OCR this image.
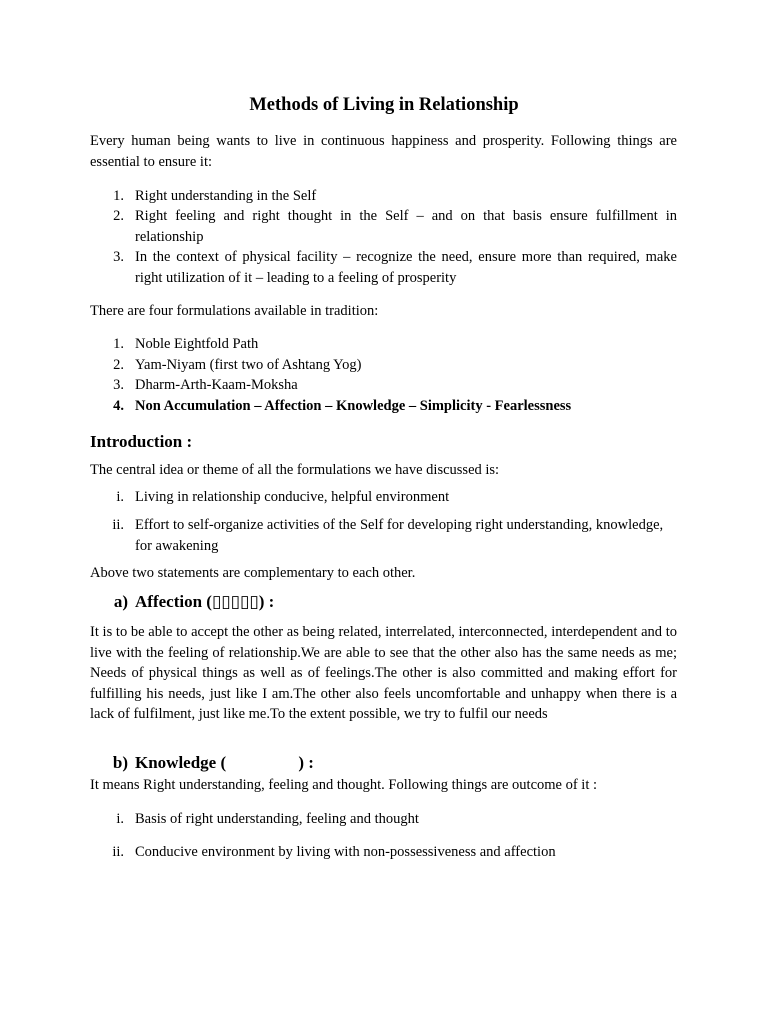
Methods of Living in Relationship

Every human being wants to live in continuous happiness and prosperity. Following things are essential to ensure it:

1. Right understanding in the Self
2. Right feeling and right thought in the Self – and on that basis ensure fulfillment in relationship
3. In the context of physical facility – recognize the need, ensure more than required, make right utilization of it – leading to a feeling of prosperity

There are four formulations available in tradition:

1. Noble Eightfold Path
2. Yam-Niyam (first two of Ashtang Yog)
3. Dharm-Arth-Kaam-Moksha
4. Non Accumulation – Affection – Knowledge – Simplicity - Fearlessness
Introduction :

The central idea or theme of all the formulations we have discussed is:

i. Living in relationship conducive, helpful environment
ii. Effort to self-organize activities of the Self for developing right understanding, knowledge, for awakening

Above two statements are complementary to each other.

a) Affection (▯▯▯▯▯) :

It is to be able to accept the other as being related, interrelated, interconnected, interdependent and to live with the feeling of relationship.We are able to see that the other also has the same needs as me; Needs of physical things as well as of feelings.The other is also committed and making effort for fulfilling his needs, just like I am.The other also feels uncomfortable and unhappy when there is a lack of fulfilment, just like me.To the extent possible, we try to fulfil our needs

b) Knowledge (                 ) :

It means Right understanding, feeling and thought. Following things are outcome of it :

i. Basis of right understanding, feeling and thought
ii. Conducive environment by living with non-possessiveness and affection
